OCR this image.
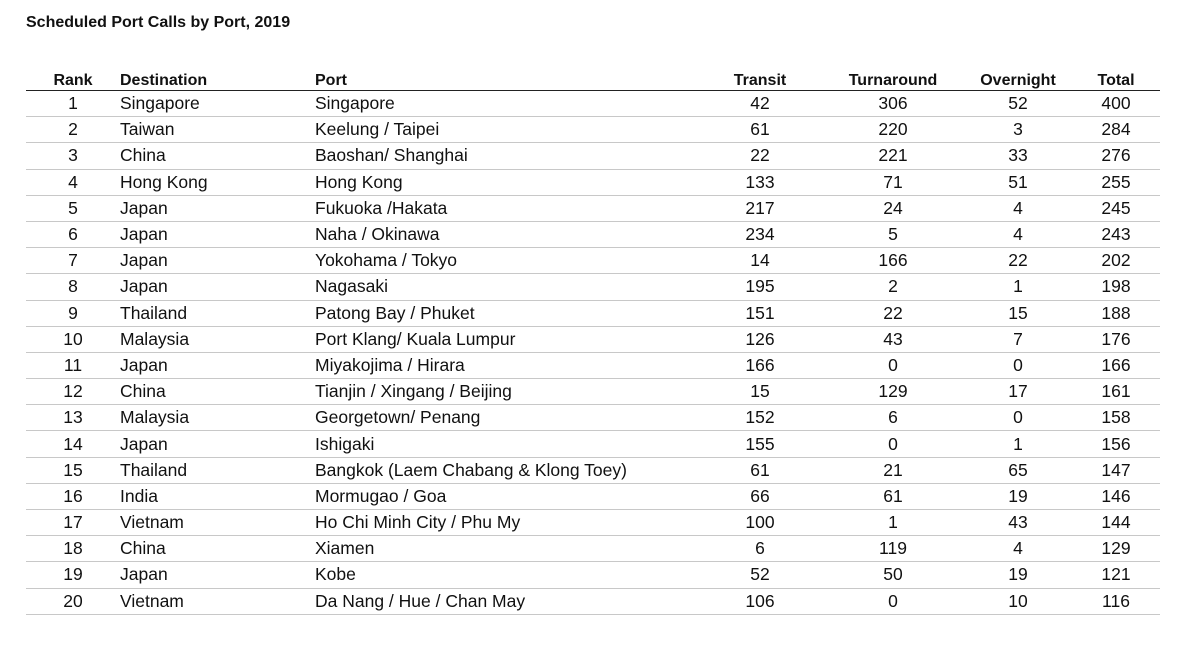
Scheduled Port Calls by Port, 2019
Rank	Destination	Port	Transit	Turnaround	Overnight	Total
1	Singapore	Singapore	42	306	52	400
2	Taiwan	Keelung / Taipei	61	220	3	284
3	China	Baoshan/ Shanghai	22	221	33	276
4	Hong Kong	Hong Kong	133	71	51	255
5	Japan	Fukuoka /Hakata	217	24	4	245
6	Japan	Naha / Okinawa	234	5	4	243
7	Japan	Yokohama / Tokyo	14	166	22	202
8	Japan	Nagasaki	195	2	1	198
9	Thailand	Patong Bay / Phuket	151	22	15	188
10	Malaysia	Port Klang/ Kuala Lumpur	126	43	7	176
11	Japan	Miyakojima / Hirara	166	0	0	166
12	China	Tianjin / Xingang / Beijing	15	129	17	161
13	Malaysia	Georgetown/ Penang	152	6	0	158
14	Japan	Ishigaki	155	0	1	156
15	Thailand	Bangkok (Laem Chabang & Klong Toey)	61	21	65	147
16	India	Mormugao / Goa	66	61	19	146
17	Vietnam	Ho Chi Minh City / Phu My	100	1	43	144
18	China	Xiamen	6	119	4	129
19	Japan	Kobe	52	50	19	121
20	Vietnam	Da Nang / Hue / Chan May	106	0	10	116
